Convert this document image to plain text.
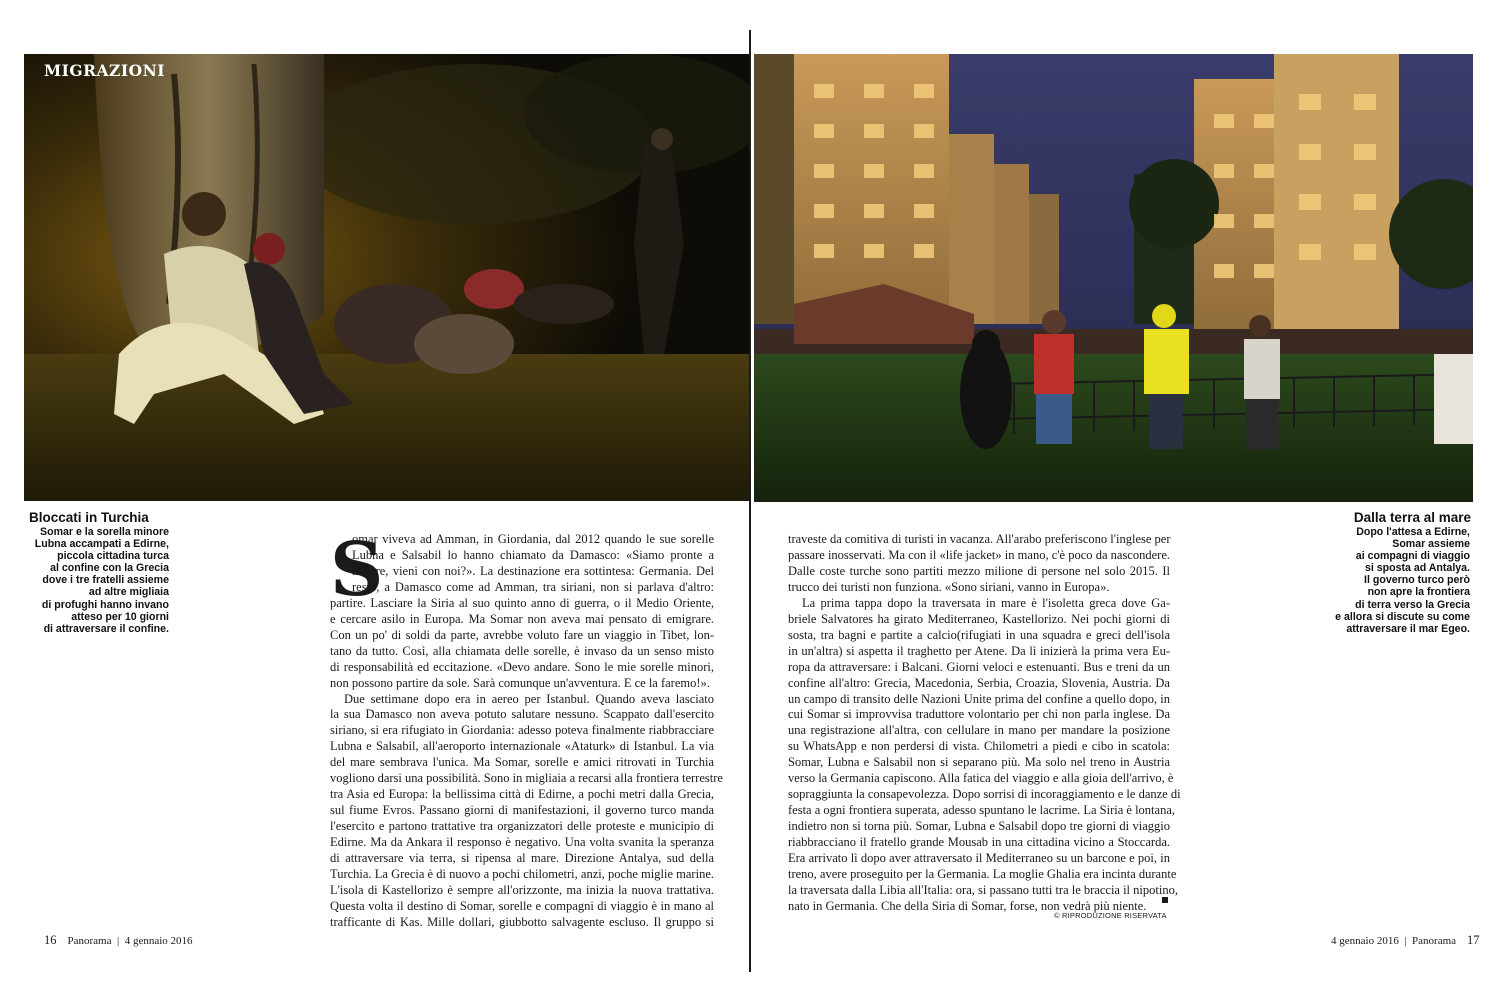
MIGRAZIONI
Bloccati in Turchia
Somar e la sorella minore
Lubna accampati a Edirne,
piccola cittadina turca
al confine con la Grecia
dove i tre fratelli assieme
ad altre migliaia
di profughi hanno invano
atteso per 10 giorni
di attraversare il confine.
Dalla terra al mare
Dopo l'attesa a Edirne,
Somar assieme
ai compagni di viaggio
si sposta ad Antalya.
Il governo turco però
non apre la frontiera
di terra verso la Grecia
e allora si discute su come
attraversare il mar Egeo.
S
omar viveva ad Amman, in Giordania, dal 2012 quando le sue sorelle
Lubna e Salsabil lo hanno chiamato da Damasco: «Siamo pronte a
andare, vieni con noi?». La destinazione era sottintesa: Germania. Del
resto, a Damasco come ad Amman, tra siriani, non si parlava d'altro:
partire. Lasciare la Siria al suo quinto anno di guerra, o il Medio Oriente,
e cercare asilo in Europa. Ma Somar non aveva mai pensato di emigrare.
Con un po' di soldi da parte, avrebbe voluto fare un viaggio in Tibet, lon-
tano da tutto. Così, alla chiamata delle sorelle, è invaso da un senso misto
di responsabilità ed eccitazione. «Devo andare. Sono le mie sorelle minori,
non possono partire da sole. Sarà comunque un'avventura. E ce la faremo!».
Due settimane dopo era in aereo per Istanbul. Quando aveva lasciato
la sua Damasco non aveva potuto salutare nessuno. Scappato dall'esercito
siriano, si era rifugiato in Giordania: adesso poteva finalmente riabbracciare
Lubna e Salsabil, all'aeroporto internazionale «Ataturk» di Istanbul. La via
del mare sembrava l'unica. Ma Somar, sorelle e amici ritrovati in Turchia
vogliono darsi una possibilità. Sono in migliaia a recarsi alla frontiera terrestre
tra Asia ed Europa: la bellissima città di Edirne, a pochi metri dalla Grecia,
sul fiume Evros. Passano giorni di manifestazioni, il governo turco manda
l'esercito e partono trattative tra organizzatori delle proteste e municipio di
Edirne. Ma da Ankara il responso è negativo. Una volta svanita la speranza
di attraversare via terra, si ripensa al mare. Direzione Antalya, sud della
Turchia. La Grecia è di nuovo a pochi chilometri, anzi, poche miglie marine.
L'isola di Kastellorizo è sempre all'orizzonte, ma inizia la nuova trattativa.
Questa volta il destino di Somar, sorelle e compagni di viaggio è in mano al
trafficante di Kas. Mille dollari, giubbotto salvagente escluso. Il gruppo si
traveste da comitiva di turisti in vacanza. All'arabo preferiscono l'inglese per
passare inosservati. Ma con il «life jacket» in mano, c'è poco da nascondere.
Dalle coste turche sono partiti mezzo milione di persone nel solo 2015. Il
trucco dei turisti non funziona. «Sono siriani, vanno in Europa».
La prima tappa dopo la traversata in mare è l'isoletta greca dove Ga-
briele Salvatores ha girato Mediterraneo, Kastellorizo. Nei pochi giorni di
sosta, tra bagni e partite a calcio(rifugiati in una squadra e greci dell'isola
in un'altra) si aspetta il traghetto per Atene. Da lì inizierà la prima vera Eu-
ropa da attraversare: i Balcani. Giorni veloci e estenuanti. Bus e treni da un
confine all'altro: Grecia, Macedonia, Serbia, Croazia, Slovenia, Austria. Da
un campo di transito delle Nazioni Unite prima del confine a quello dopo, in
cui Somar si improvvisa traduttore volontario per chi non parla inglese. Da
una registrazione all'altra, con cellulare in mano per mandare la posizione
su WhatsApp e non perdersi di vista. Chilometri a piedi e cibo in scatola:
Somar, Lubna e Salsabil non si separano più. Ma solo nel treno in Austria
verso la Germania capiscono. Alla fatica del viaggio e alla gioia dell'arrivo, è
sopraggiunta la consapevolezza. Dopo sorrisi di incoraggiamento e le danze di
festa a ogni frontiera superata, adesso spuntano le lacrime. La Siria è lontana,
indietro non si torna più. Somar, Lubna e Salsabil dopo tre giorni di viaggio
riabbracciano il fratello grande Mousab in una cittadina vicino a Stoccarda.
Era arrivato lì dopo aver attraversato il Mediterraneo su un barcone e poi, in
treno, avere proseguito per la Germania. La moglie Ghalia era incinta durante
la traversata dalla Libia all'Italia: ora, si passano tutti tra le braccia il nipotino,
nato in Germania. Che della Siria di Somar, forse, non vedrà più niente.
© RIPRODUZIONE RISERVATA
16 Panorama | 4 gennaio 2016	4 gennaio 2016 | Panorama 17
